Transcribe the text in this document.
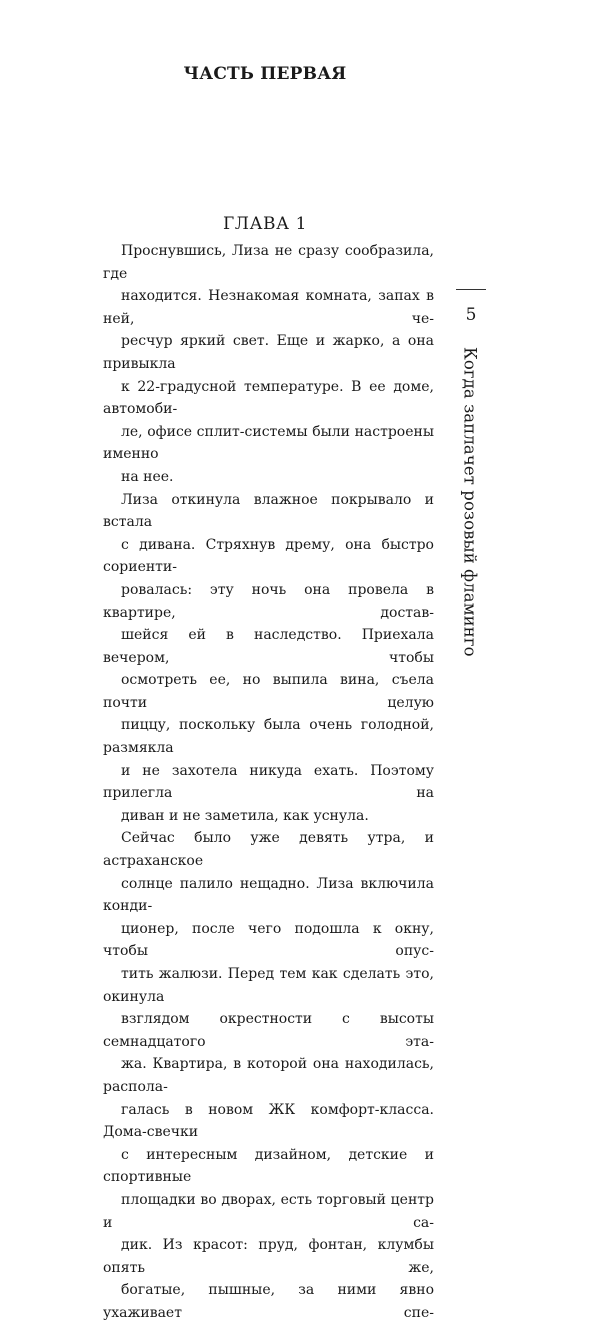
ЧАСТЬ ПЕРВАЯ
ГЛАВА 1

Проснувшись, Лиза не сразу сообразила, где
находится. Незнакомая комната, запах в ней, че-
ресчур яркий свет. Еще и жарко, а она привыкла
к 22-градусной температуре. В ее доме, автомоби-
ле, офисе сплит-системы были настроены именно
на нее.

Лиза откинула влажное покрывало и встала
с дивана. Стряхнув дрему, она быстро сориенти-
ровалась: эту ночь она провела в квартире, достав-
шейся ей в наследство. Приехала вечером, чтобы
осмотреть ее, но выпила вина, съела почти целую
пиццу, поскольку была очень голодной, размякла
и не захотела никуда ехать. Поэтому прилегла на
диван и не заметила, как уснула.

Сейчас было уже девять утра, и астраханское
солнце палило нещадно. Лиза включила конди-
ционер, после чего подошла к окну, чтобы опус-
тить жалюзи. Перед тем как сделать это, окинула
взглядом окрестности с высоты семнадцатого эта-
жа. Квартира, в которой она находилась, распола-
галась в новом ЖК комфорт-класса. Дома-свечки
с интересным дизайном, детские и спортивные
площадки во дворах, есть торговый центр и са-
дик. Из красот: пруд, фонтан, клумбы опять же,
богатые, пышные, за ними явно ухаживает спе-

5
Когда заплачет розовый фламинго
